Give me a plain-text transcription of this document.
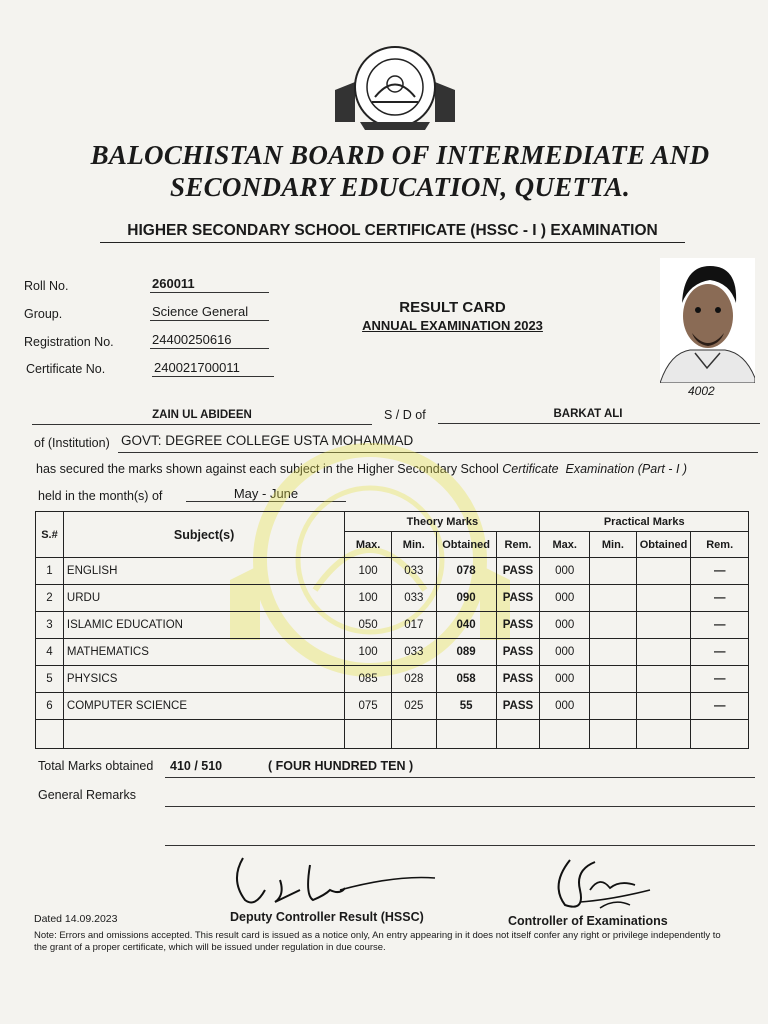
BALOCHISTAN BOARD OF INTERMEDIATE AND
SECONDARY EDUCATION, QUETTA.
HIGHER SECONDARY SCHOOL CERTIFICATE (HSSC - I ) EXAMINATION
Roll No.	260011
Group.	Science General
Registration No.	24400250616
Certificate No.	240021700011
RESULT CARD
ANNUAL EXAMINATION 2023
4002
ZAIN UL ABIDEEN	S / D of	BARKAT ALI
of (Institution) GOVT: DEGREE COLLEGE USTA MOHAMMAD
has secured the marks shown against each subject in the Higher Secondary School Certificate Examination (Part - I )
held in the month(s) of	May - June
S.#	Subject(s)	Theory Marks				Practical Marks			
		Max.	Min.	Obtained	Rem.	Max.	Min.	Obtained	Rem.
1	ENGLISH	100	033	078	PASS	000			—
2	URDU	100	033	090	PASS	000			—
3	ISLAMIC EDUCATION	050	017	040	PASS	000			—
4	MATHEMATICS	100	033	089	PASS	000			—
5	PHYSICS	085	028	058	PASS	000			—
6	COMPUTER SCIENCE	075	025	55	PASS	000			—

Total Marks obtained 410 / 510	( FOUR HUNDRED TEN )
General Remarks
Dated 14.09.2023	Deputy Controller Result (HSSC)	Controller of Examinations
Note: Errors and omissions accepted. This result card is issued as a notice only, An entry appearing in it does not itself confer any right or privilege independently to the grant of a proper certificate, which will be issued under regulation in due course.
